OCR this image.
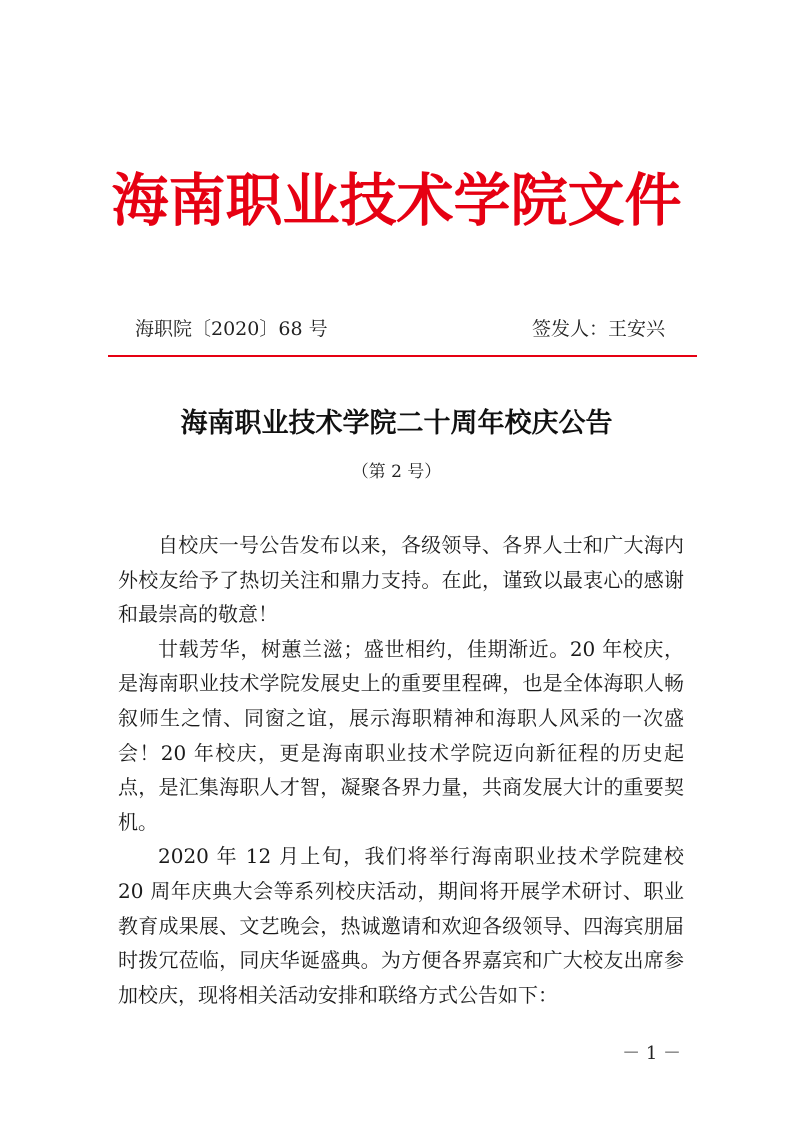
海南职业技术学院文件
海职院〔2020〕68 号	签发人：王安兴
海南职业技术学院二十周年校庆公告
（第 2 号）

自校庆一号公告发布以来，各级领导、各界人士和广大海内外校友给予了热切关注和鼎力支持。在此，谨致以最衷心的感谢和最崇高的敬意！

廿载芳华，树蕙兰滋；盛世相约，佳期渐近。20 年校庆，是海南职业技术学院发展史上的重要里程碑，也是全体海职人畅叙师生之情、同窗之谊，展示海职精神和海职人风采的一次盛会！20 年校庆，更是海南职业技术学院迈向新征程的历史起点，是汇集海职人才智，凝聚各界力量，共商发展大计的重要契机。

2020 年 12 月上旬，我们将举行海南职业技术学院建校 20 周年庆典大会等系列校庆活动，期间将开展学术研讨、职业教育成果展、文艺晚会，热诚邀请和欢迎各级领导、四海宾朋届时拨冗莅临，同庆华诞盛典。为方便各界嘉宾和广大校友出席参加校庆，现将相关活动安排和联络方式公告如下：

－ 1 －
